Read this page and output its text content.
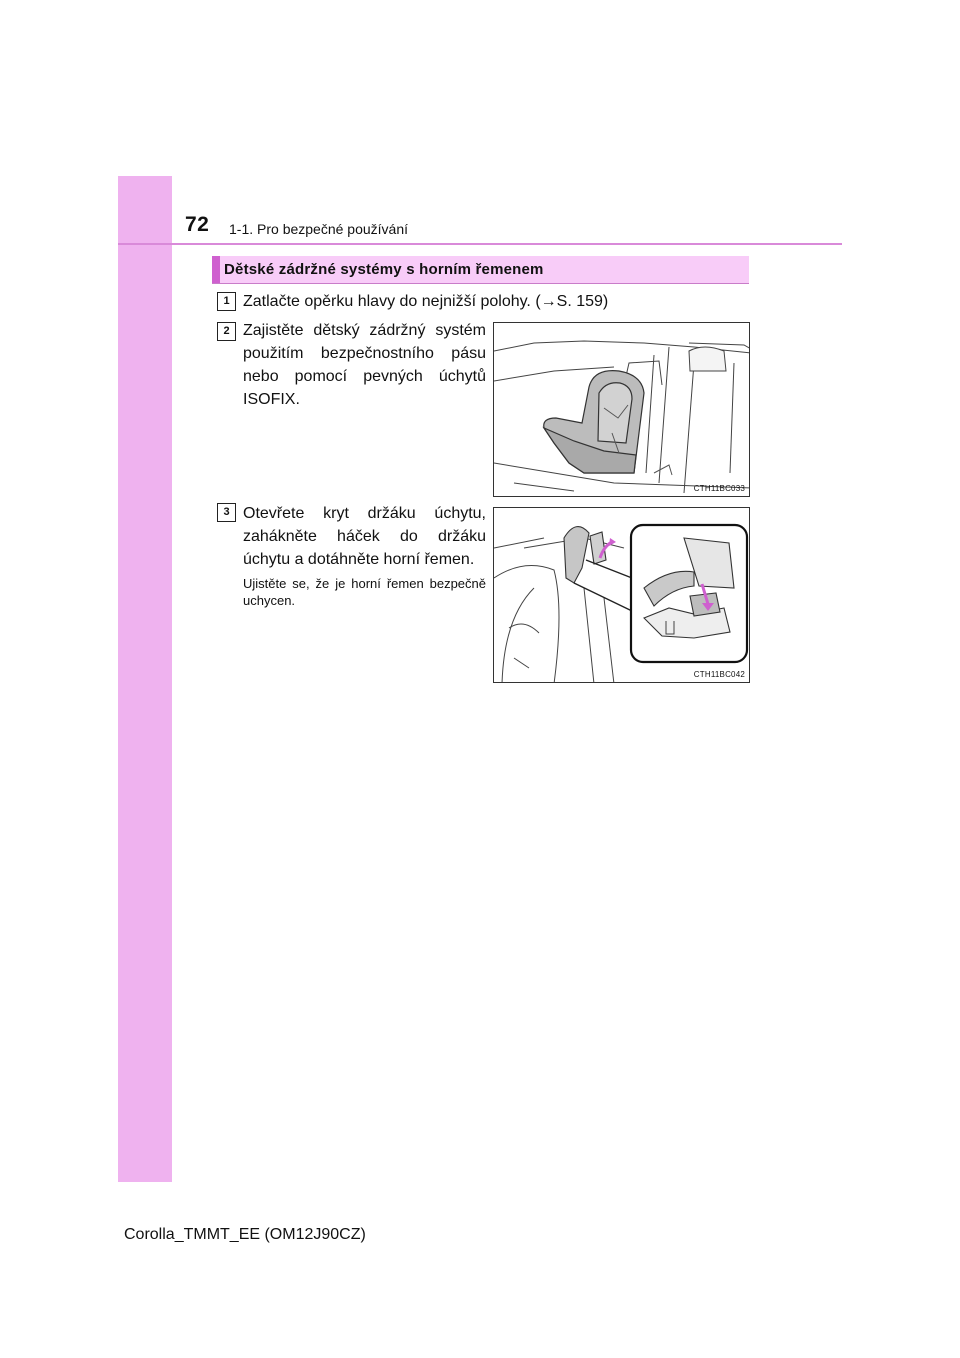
72 1-1. Pro bezpečné používání
Dětské zádržné systémy s horním řemenem
1 Zatlačte opěrku hlavy do nejnižší polohy. (→S. 159)
2 Zajistěte dětský zádržný systém použitím bezpečnostního pásu nebo pomocí pevných úchytů ISOFIX.
CTH11BC033
3 Otevřete kryt držáku úchytu, zahákněte háček do držáku úchytu a dotáhněte horní řemen.
Ujistěte se, že je horní řemen bezpečně uchycen.
CTH11BC042
Corolla_TMMT_EE (OM12J90CZ)
